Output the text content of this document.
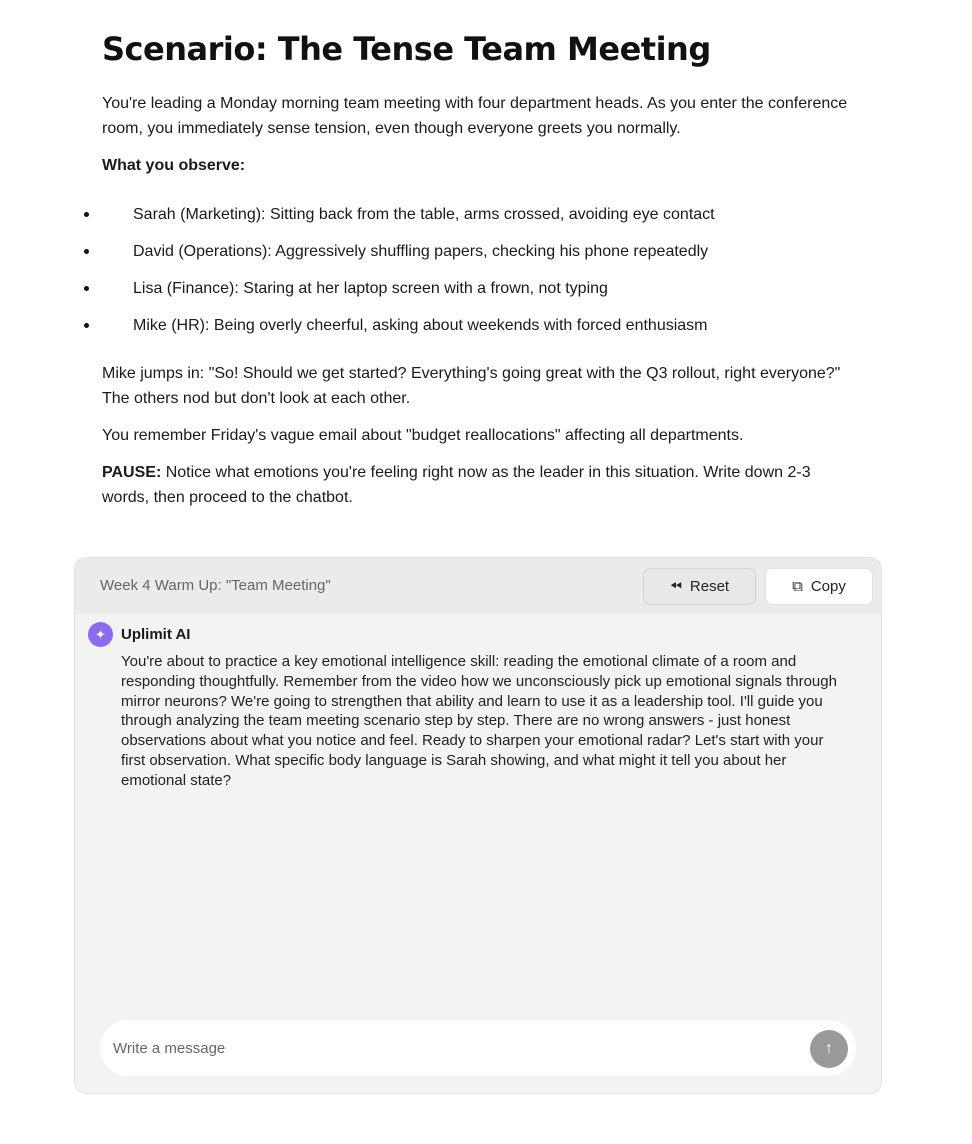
Scenario: The Tense Team Meeting
You're leading a Monday morning team meeting with four department heads. As you enter the conference room, you immediately sense tension, even though everyone greets you normally.
What you observe:
Sarah (Marketing): Sitting back from the table, arms crossed, avoiding eye contact
David (Operations): Aggressively shuffling papers, checking his phone repeatedly
Lisa (Finance): Staring at her laptop screen with a frown, not typing
Mike (HR): Being overly cheerful, asking about weekends with forced enthusiasm
Mike jumps in: "So! Should we get started? Everything's going great with the Q3 rollout, right everyone?" The others nod but don't look at each other.
You remember Friday's vague email about "budget reallocations" affecting all departments.
PAUSE: Notice what emotions you're feeling right now as the leader in this situation. Write down 2-3 words, then proceed to the chatbot.
Week 4 Warm Up: "Team Meeting"	⏪︎ Reset	⧉ Copy
✦	Uplimit AI
You're about to practice a key emotional intelligence skill: reading the emotional climate of a room and responding thoughtfully. Remember from the video how we unconsciously pick up emotional signals through mirror neurons? We're going to strengthen that ability and learn to use it as a leadership tool. I'll guide you through analyzing the team meeting scenario step by step. There are no wrong answers - just honest observations about what you notice and feel. Ready to sharpen your emotional radar? Let's start with your first observation. What specific body language is Sarah showing, and what might it tell you about her emotional state?
Write a message	↑
